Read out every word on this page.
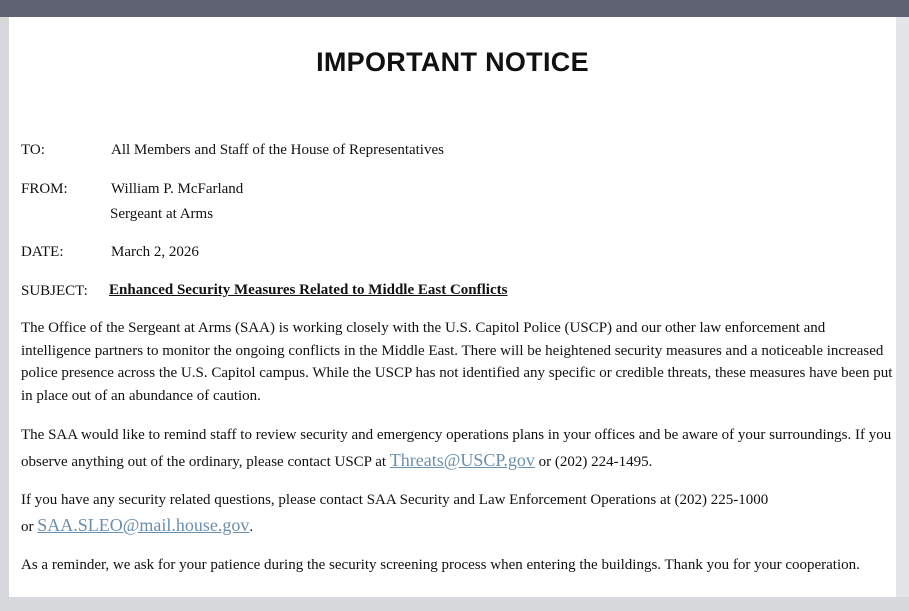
IMPORTANT NOTICE
TO:	All Members and Staff of the House of Representatives
FROM:	William P. McFarland
Sergeant at Arms
DATE:	March 2, 2026
SUBJECT: Enhanced Security Measures Related to Middle East Conflicts

The Office of the Sergeant at Arms (SAA) is working closely with the U.S. Capitol Police (USCP) and our other law enforcement and intelligence partners to monitor the ongoing conflicts in the Middle East. There will be heightened security measures and a noticeable increased police presence across the U.S. Capitol campus. While the USCP has not identified any specific or credible threats, these measures have been put in place out of an abundance of caution.

The SAA would like to remind staff to review security and emergency operations plans in your offices and be aware of your surroundings. If you observe anything out of the ordinary, please contact USCP at Threats@USCP.gov or (202) 224-1495.

If you have any security related questions, please contact SAA Security and Law Enforcement Operations at (202) 225-1000
or SAA.SLEO@mail.house.gov.

As a reminder, we ask for your patience during the security screening process when entering the buildings. Thank you for your cooperation.
